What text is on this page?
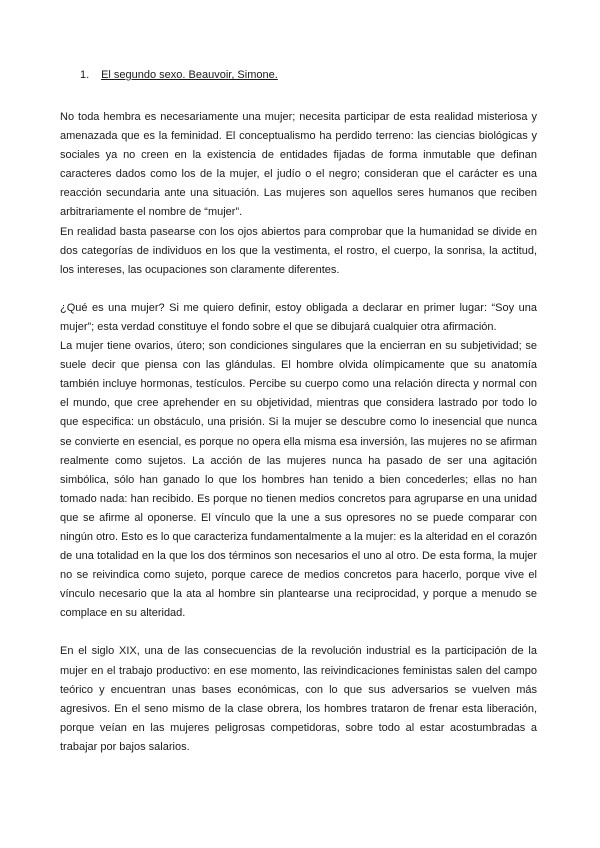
1. El segundo sexo. Beauvoir, Simone.

No toda hembra es necesariamente una mujer; necesita participar de esta realidad misteriosa y amenazada que es la feminidad. El conceptualismo ha perdido terreno: las ciencias biológicas y sociales ya no creen en la existencia de entidades fijadas de forma inmutable que definan caracteres dados como los de la mujer, el judío o el negro; consideran que el carácter es una reacción secundaria ante una situación. Las mujeres son aquellos seres humanos que reciben arbitrariamente el nombre de “mujer”.

En realidad basta pasearse con los ojos abiertos para comprobar que la humanidad se divide en dos categorías de individuos en los que la vestimenta, el rostro, el cuerpo, la sonrisa, la actitud, los intereses, las ocupaciones son claramente diferentes.

¿Qué es una mujer? Si me quiero definir, estoy obligada a declarar en primer lugar: “Soy una mujer”; esta verdad constituye el fondo sobre el que se dibujará cualquier otra afirmación.

La mujer tiene ovarios, útero; son condiciones singulares que la encierran en su subjetividad; se suele decir que piensa con las glándulas. El hombre olvida olímpicamente que su anatomía también incluye hormonas, testículos. Percibe su cuerpo como una relación directa y normal con el mundo, que cree aprehender en su objetividad, mientras que considera lastrado por todo lo que especifica: un obstáculo, una prisión. Si la mujer se descubre como lo inesencial que nunca se convierte en esencial, es porque no opera ella misma esa inversión, las mujeres no se afirman realmente como sujetos. La acción de las mujeres nunca ha pasado de ser una agitación simbólica, sólo han ganado lo que los hombres han tenido a bien concederles; ellas no han tomado nada: han recibido. Es porque no tienen medios concretos para agruparse en una unidad que se afirme al oponerse. El vínculo que la une a sus opresores no se puede comparar con ningún otro. Esto es lo que caracteriza fundamentalmente a la mujer: es la alteridad en el corazón de una totalidad en la que los dos términos son necesarios el uno al otro. De esta forma, la mujer no se reivindica como sujeto, porque carece de medios concretos para hacerlo, porque vive el vínculo necesario que la ata al hombre sin plantearse una reciprocidad, y porque a menudo se complace en su alteridad.

En el siglo XIX, una de las consecuencias de la revolución industrial es la participación de la mujer en el trabajo productivo: en ese momento, las reivindicaciones feministas salen del campo teórico y encuentran unas bases económicas, con lo que sus adversarios se vuelven más agresivos. En el seno mismo de la clase obrera, los hombres trataron de frenar esta liberación, porque veían en las mujeres peligrosas competidoras, sobre todo al estar acostumbradas a trabajar por bajos salarios.
